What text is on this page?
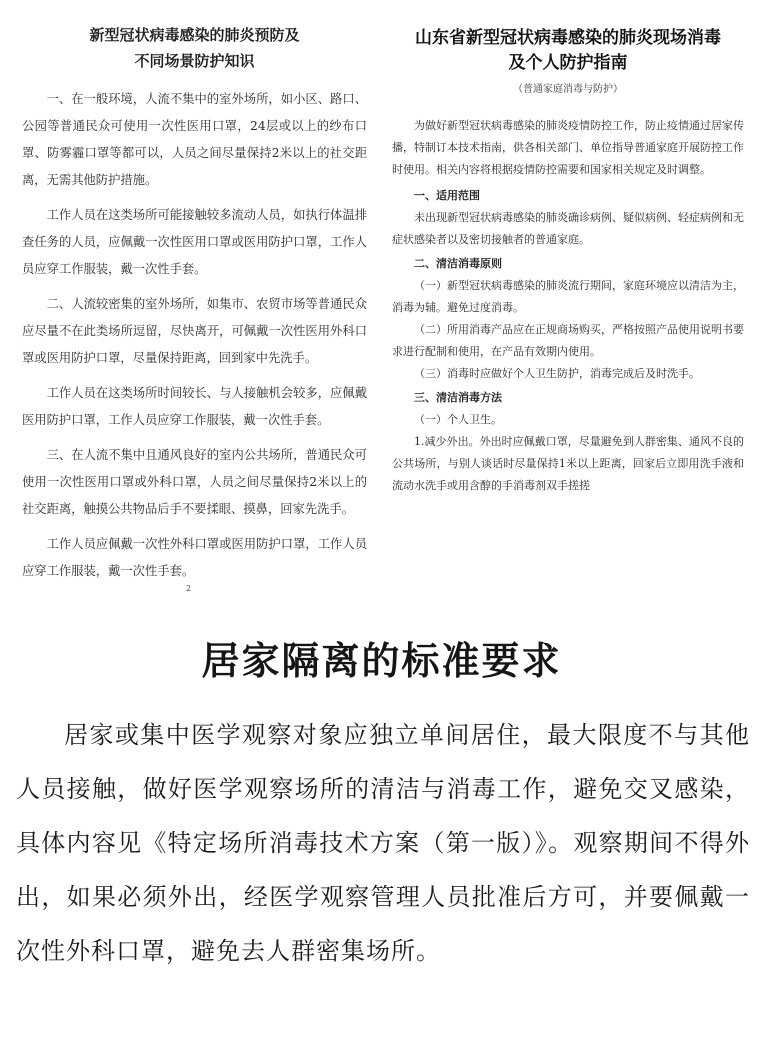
新型冠状病毒感染的肺炎预防及
不同场景防护知识

一、在一般环境，人流不集中的室外场所，如小区、路口、公园等普通民众可使用一次性医用口罩，24层或以上的纱布口罩、防雾霾口罩等都可以，人员之间尽量保持2米以上的社交距离，无需其他防护措施。

工作人员在这类场所可能接触较多流动人员，如执行体温排查任务的人员，应佩戴一次性医用口罩或医用防护口罩，工作人员应穿工作服装，戴一次性手套。

二、人流较密集的室外场所，如集市、农贸市场等普通民众应尽量不在此类场所逗留，尽快离开，可佩戴一次性医用外科口罩或医用防护口罩，尽量保持距离，回到家中先洗手。

工作人员在这类场所时间较长、与人接触机会较多，应佩戴医用防护口罩，工作人员应穿工作服装，戴一次性手套。

三、在人流不集中且通风良好的室内公共场所，普通民众可使用一次性医用口罩或外科口罩，人员之间尽量保持2米以上的社交距离，触摸公共物品后手不要揉眼、摸鼻，回家先洗手。

工作人员应佩戴一次性外科口罩或医用防护口罩，工作人员应穿工作服装，戴一次性手套。

2
山东省新型冠状病毒感染的肺炎现场消毒
及个人防护指南
（普通家庭消毒与防护）

为做好新型冠状病毒感染的肺炎疫情防控工作，防止疫情通过居家传播，特制订本技术指南，供各相关部门、单位指导普通家庭开展防控工作时使用。相关内容将根据疫情防控需要和国家相关规定及时调整。

一、适用范围

未出现新型冠状病毒感染的肺炎确诊病例、疑似病例、轻症病例和无症状感染者以及密切接触者的普通家庭。

二、清洁消毒原则

（一）新型冠状病毒感染的肺炎流行期间，家庭环境应以清洁为主，消毒为辅。避免过度消毒。

（二）所用消毒产品应在正规商场购买，严格按照产品使用说明书要求进行配制和使用，在产品有效期内使用。

（三）消毒时应做好个人卫生防护，消毒完成后及时洗手。

三、清洁消毒方法

（一）个人卫生。

1.减少外出。外出时应佩戴口罩，尽量避免到人群密集、通风不良的公共场所，与别人谈话时尽量保持1米以上距离，回家后立即用洗手液和流动水洗手或用含醇的手消毒剂双手搓搓

居家隔离的标准要求

居家或集中医学观察对象应独立单间居住，最大限度不与其他人员接触，做好医学观察场所的清洁与消毒工作，避免交叉感染，具体内容见《特定场所消毒技术方案（第一版）》。观察期间不得外出，如果必须外出，经医学观察管理人员批准后方可，并要佩戴一次性外科口罩，避免去人群密集场所。
